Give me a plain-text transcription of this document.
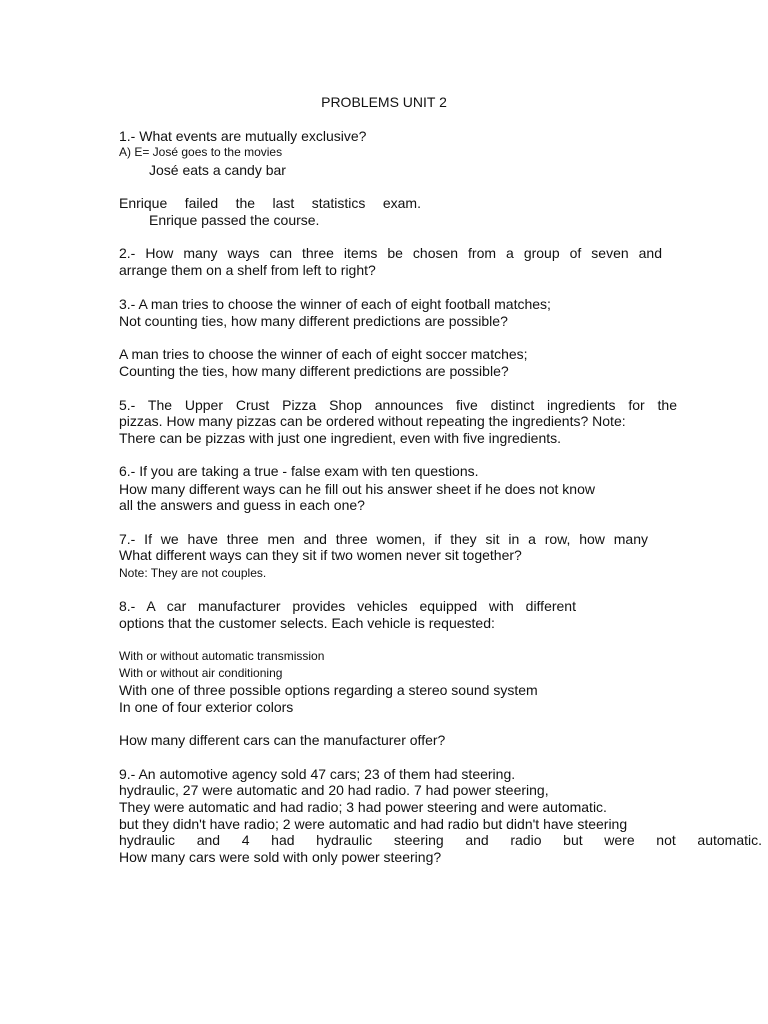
PROBLEMS UNIT 2
1.- What events are mutually exclusive?
A) E= José goes to the movies
José eats a candy bar
Enrique failed the last statistics exam.
Enrique passed the course.
2.- How many ways can three items be chosen from a group of seven and
arrange them on a shelf from left to right?
3.- A man tries to choose the winner of each of eight football matches;
Not counting ties, how many different predictions are possible?
A man tries to choose the winner of each of eight soccer matches;
Counting the ties, how many different predictions are possible?
5.- The Upper Crust Pizza Shop announces five distinct ingredients for the
pizzas. How many pizzas can be ordered without repeating the ingredients? Note:
There can be pizzas with just one ingredient, even with five ingredients.
6.- If you are taking a true - false exam with ten questions.
How many different ways can he fill out his answer sheet if he does not know
all the answers and guess in each one?
7.- If we have three men and three women, if they sit in a row, how many
What different ways can they sit if two women never sit together?
Note: They are not couples.
8.- A car manufacturer provides vehicles equipped with different
options that the customer selects. Each vehicle is requested:
With or without automatic transmission
With or without air conditioning
With one of three possible options regarding a stereo sound system
In one of four exterior colors
How many different cars can the manufacturer offer?
9.- An automotive agency sold 47 cars; 23 of them had steering.
hydraulic, 27 were automatic and 20 had radio. 7 had power steering,
They were automatic and had radio; 3 had power steering and were automatic.
but they didn't have radio; 2 were automatic and had radio but didn't have steering
hydraulic and 4 had hydraulic steering and radio but were not automatic.
How many cars were sold with only power steering?
